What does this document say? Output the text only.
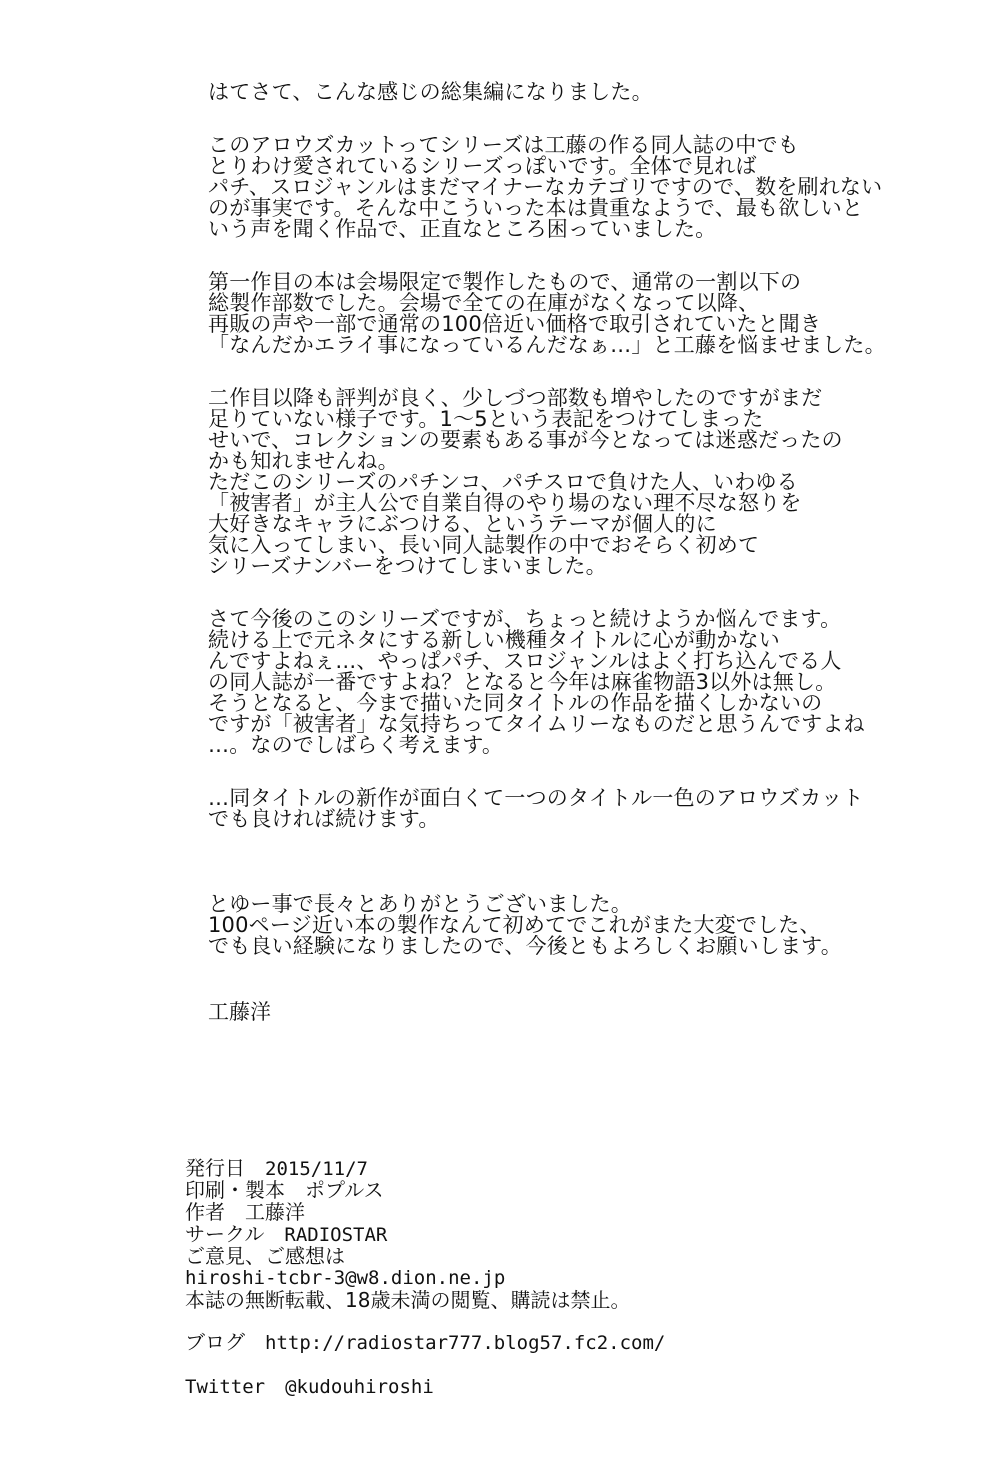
はてさて、こんな感じの総集編になりました。
このアロウズカットってシリーズは工藤の作る同人誌の中でも
とりわけ愛されているシリーズっぽいです。全体で見れば
パチ、スロジャンルはまだマイナーなカテゴリですので、数を刷れない
のが事実です。そんな中こういった本は貴重なようで、最も欲しいと
いう声を聞く作品で、正直なところ困っていました。
第一作目の本は会場限定で製作したもので、通常の一割以下の
総製作部数でした。会場で全ての在庫がなくなって以降、
再販の声や一部で通常の100倍近い価格で取引されていたと聞き
「なんだかエライ事になっているんだなぁ…」と工藤を悩ませました。
二作目以降も評判が良く、少しづつ部数も増やしたのですがまだ
足りていない様子です。1～5という表記をつけてしまった
せいで、コレクションの要素もある事が今となっては迷惑だったの
かも知れませんね。
ただこのシリーズのパチンコ、パチスロで負けた人、いわゆる
「被害者」が主人公で自業自得のやり場のない理不尽な怒りを
大好きなキャラにぶつける、というテーマが個人的に
気に入ってしまい、長い同人誌製作の中でおそらく初めて
シリーズナンバーをつけてしまいました。
さて今後のこのシリーズですが、ちょっと続けようか悩んでます。
続ける上で元ネタにする新しい機種タイトルに心が動かない
んですよねぇ…、やっぱパチ、スロジャンルはよく打ち込んでる人
の同人誌が一番ですよね？となると今年は麻雀物語3以外は無し。
そうとなると、今まで描いた同タイトルの作品を描くしかないの
ですが「被害者」な気持ちってタイムリーなものだと思うんですよね
…。なのでしばらく考えます。
…同タイトルの新作が面白くて一つのタイトル一色のアロウズカット
でも良ければ続けます。
とゆー事で長々とありがとうございました。
100ページ近い本の製作なんて初めてでこれがまた大変でした、
でも良い経験になりましたので、今後ともよろしくお願いします。
工藤洋
発行日 2015/11/7
印刷・製本 ポプルス
作者 工藤洋
サークル RADIOSTAR
ご意見、ご感想は
hiroshi-tcbr-3@w8.dion.ne.jp
本誌の無断転載、18歳未満の閲覧、購読は禁止。
ブログ http://radiostar777.blog57.fc2.com/
Twitter @kudouhiroshi
